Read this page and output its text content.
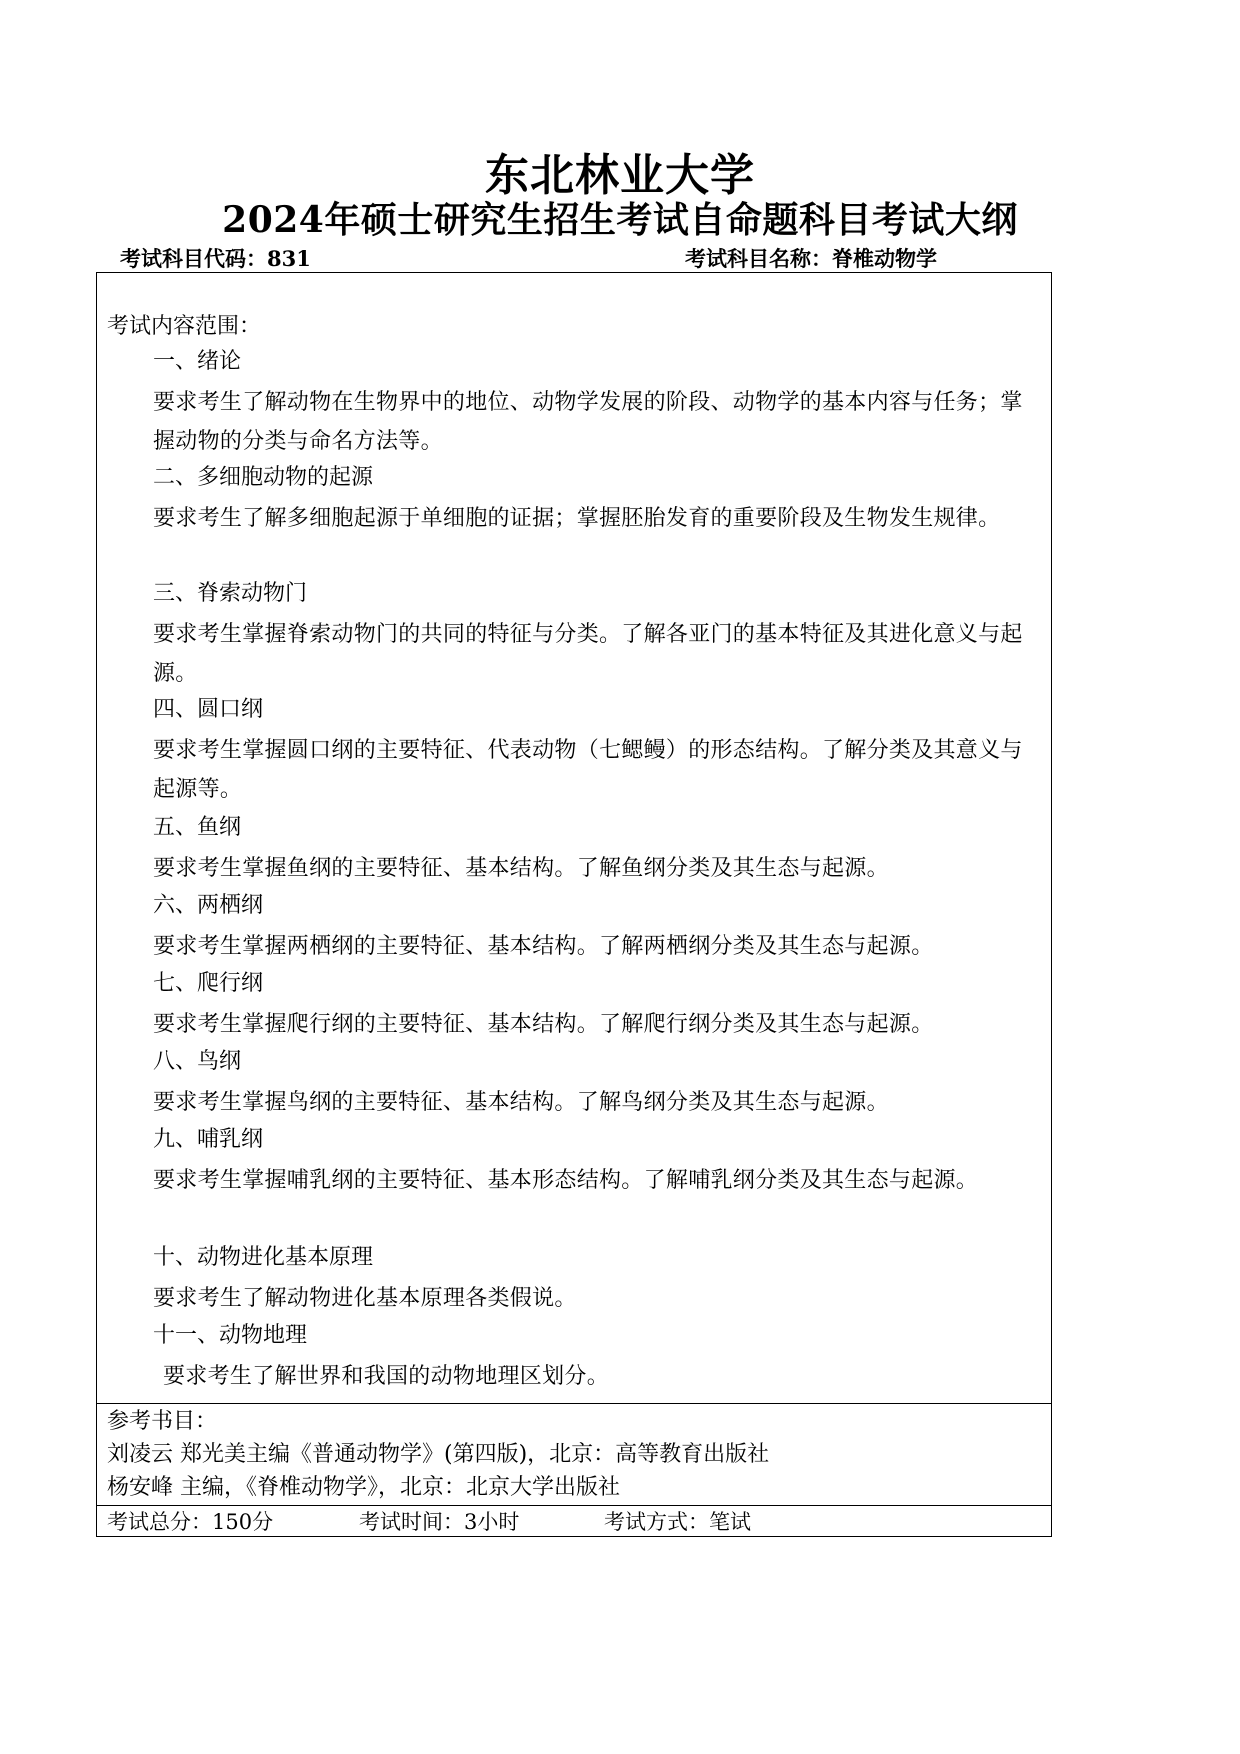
东北林业大学
2024年硕士研究生招生考试自命题科目考试大纲
考试科目代码：831	考试科目名称：脊椎动物学
考试内容范围：
一、绪论
要求考生了解动物在生物界中的地位、动物学发展的阶段、动物学的基本内容与任务；掌握动物的分类与命名方法等。
二、多细胞动物的起源
要求考生了解多细胞起源于单细胞的证据；掌握胚胎发育的重要阶段及生物发生规律。
三、脊索动物门
要求考生掌握脊索动物门的共同的特征与分类。了解各亚门的基本特征及其进化意义与起源。
四、圆口纲
要求考生掌握圆口纲的主要特征、代表动物（七鳃鳗）的形态结构。了解分类及其意义与起源等。
五、鱼纲
要求考生掌握鱼纲的主要特征、基本结构。了解鱼纲分类及其生态与起源。
六、两栖纲
要求考生掌握两栖纲的主要特征、基本结构。了解两栖纲分类及其生态与起源。
七、爬行纲
要求考生掌握爬行纲的主要特征、基本结构。了解爬行纲分类及其生态与起源。
八、鸟纲
要求考生掌握鸟纲的主要特征、基本结构。了解鸟纲分类及其生态与起源。
九、哺乳纲
要求考生掌握哺乳纲的主要特征、基本形态结构。了解哺乳纲分类及其生态与起源。
十、动物进化基本原理
要求考生了解动物进化基本原理各类假说。
十一、动物地理
要求考生了解世界和我国的动物地理区划分。
参考书目：
刘凌云 郑光美主编《普通动物学》(第四版)，北京：高等教育出版社
杨安峰 主编，《脊椎动物学》，北京：北京大学出版社
考试总分：150分	考试时间：3小时	考试方式：笔试
